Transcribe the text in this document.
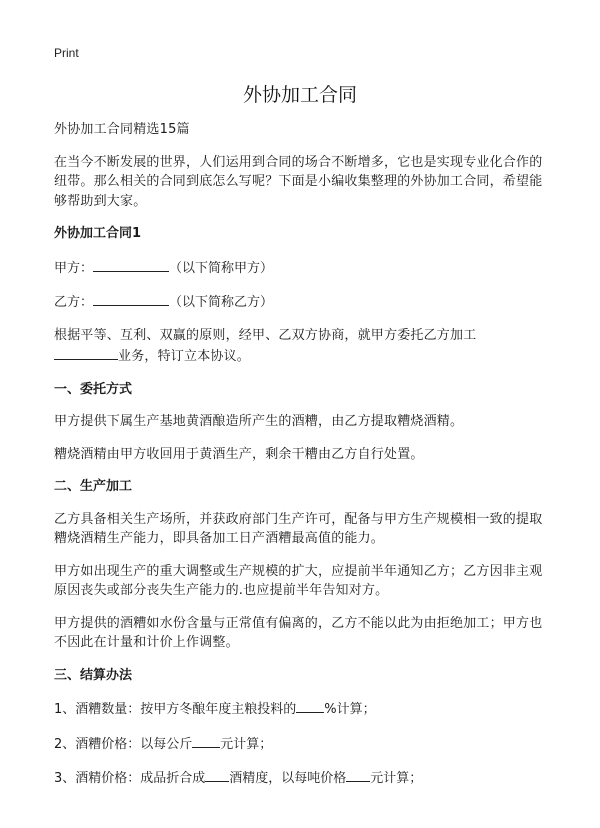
Print
外协加工合同

外协加工合同精选15篇

在当今不断发展的世界，人们运用到合同的场合不断增多，它也是实现专业化合作的纽带。那么相关的合同到底怎么写呢？下面是小编收集整理的外协加工合同，希望能够帮助到大家。

外协加工合同1

甲方：	（以下简称甲方）

乙方：	（以下简称乙方）

根据平等、互利、双赢的原则，经甲、乙双方协商，就甲方委托乙方加工
业务，特订立本协议。

一、委托方式

甲方提供下属生产基地黄酒酿造所产生的酒糟，由乙方提取糟烧酒精。

糟烧酒精由甲方收回用于黄酒生产，剩余干糟由乙方自行处置。

二、生产加工

乙方具备相关生产场所，并获政府部门生产许可，配备与甲方生产规模相一致的提取糟烧酒精生产能力，即具备加工日产酒糟最高值的能力。

甲方如出现生产的重大调整或生产规模的扩大，应提前半年通知乙方；乙方因非主观原因丧失或部分丧失生产能力的.也应提前半年告知对方。

甲方提供的酒糟如水份含量与正常值有偏离的，乙方不能以此为由拒绝加工；甲方也不因此在计量和计价上作调整。

三、结算办法

1、酒糟数量：按甲方冬酿年度主粮投料的 %计算；

2、酒糟价格：以每公斤 元计算；

3、酒精价格：成品折合成 酒精度，以每吨价格 元计算；
